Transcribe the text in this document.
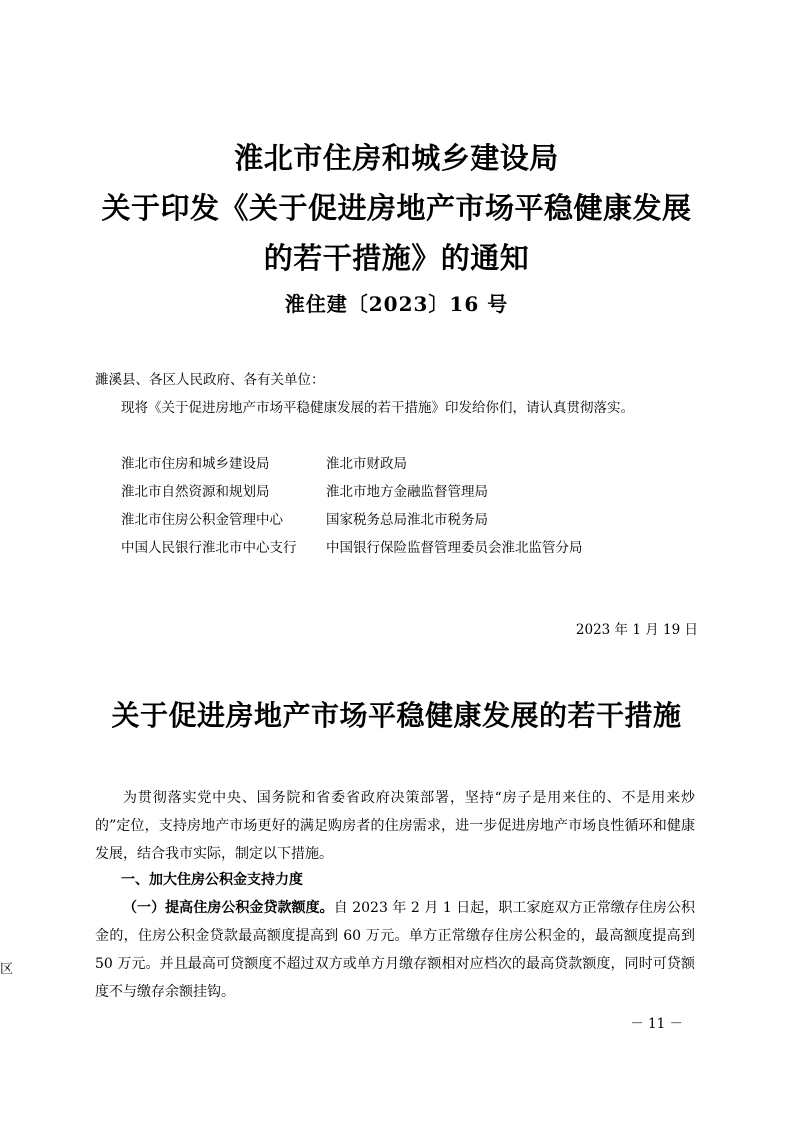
淮北市住房和城乡建设局
关于印发《关于促进房地产市场平稳健康发展
的若干措施》的通知
淮住建〔2023〕16 号
濉溪县、各区人民政府、各有关单位：
现将《关于促进房地产市场平稳健康发展的若干措施》印发给你们，请认真贯彻落实。
淮北市住房和城乡建设局
淮北市自然资源和规划局
淮北市住房公积金管理中心
中国人民银行淮北市中心支行
淮北市财政局
淮北市地方金融监督管理局
国家税务总局淮北市税务局
中国银行保险监督管理委员会淮北监管分局
2023 年 1 月 19 日
关于促进房地产市场平稳健康发展的若干措施
为贯彻落实党中央、国务院和省委省政府决策部署，坚持“房子是用来住的、不是用来炒的”定位，支持房地产市场更好的满足购房者的住房需求，进一步促进房地产市场良性循环和健康发展，结合我市实际，制定以下措施。
一、加大住房公积金支持力度
（一）提高住房公积金贷款额度。自 2023 年 2 月 1 日起，职工家庭双方正常缴存住房公积金的，住房公积金贷款最高额度提高到 60 万元。单方正常缴存住房公积金的，最高额度提高到 50 万元。并且最高可贷额度不超过双方或单方月缴存额相对应档次的最高贷款额度，同时可贷额度不与缴存余额挂钩。
－ 11 －
区
